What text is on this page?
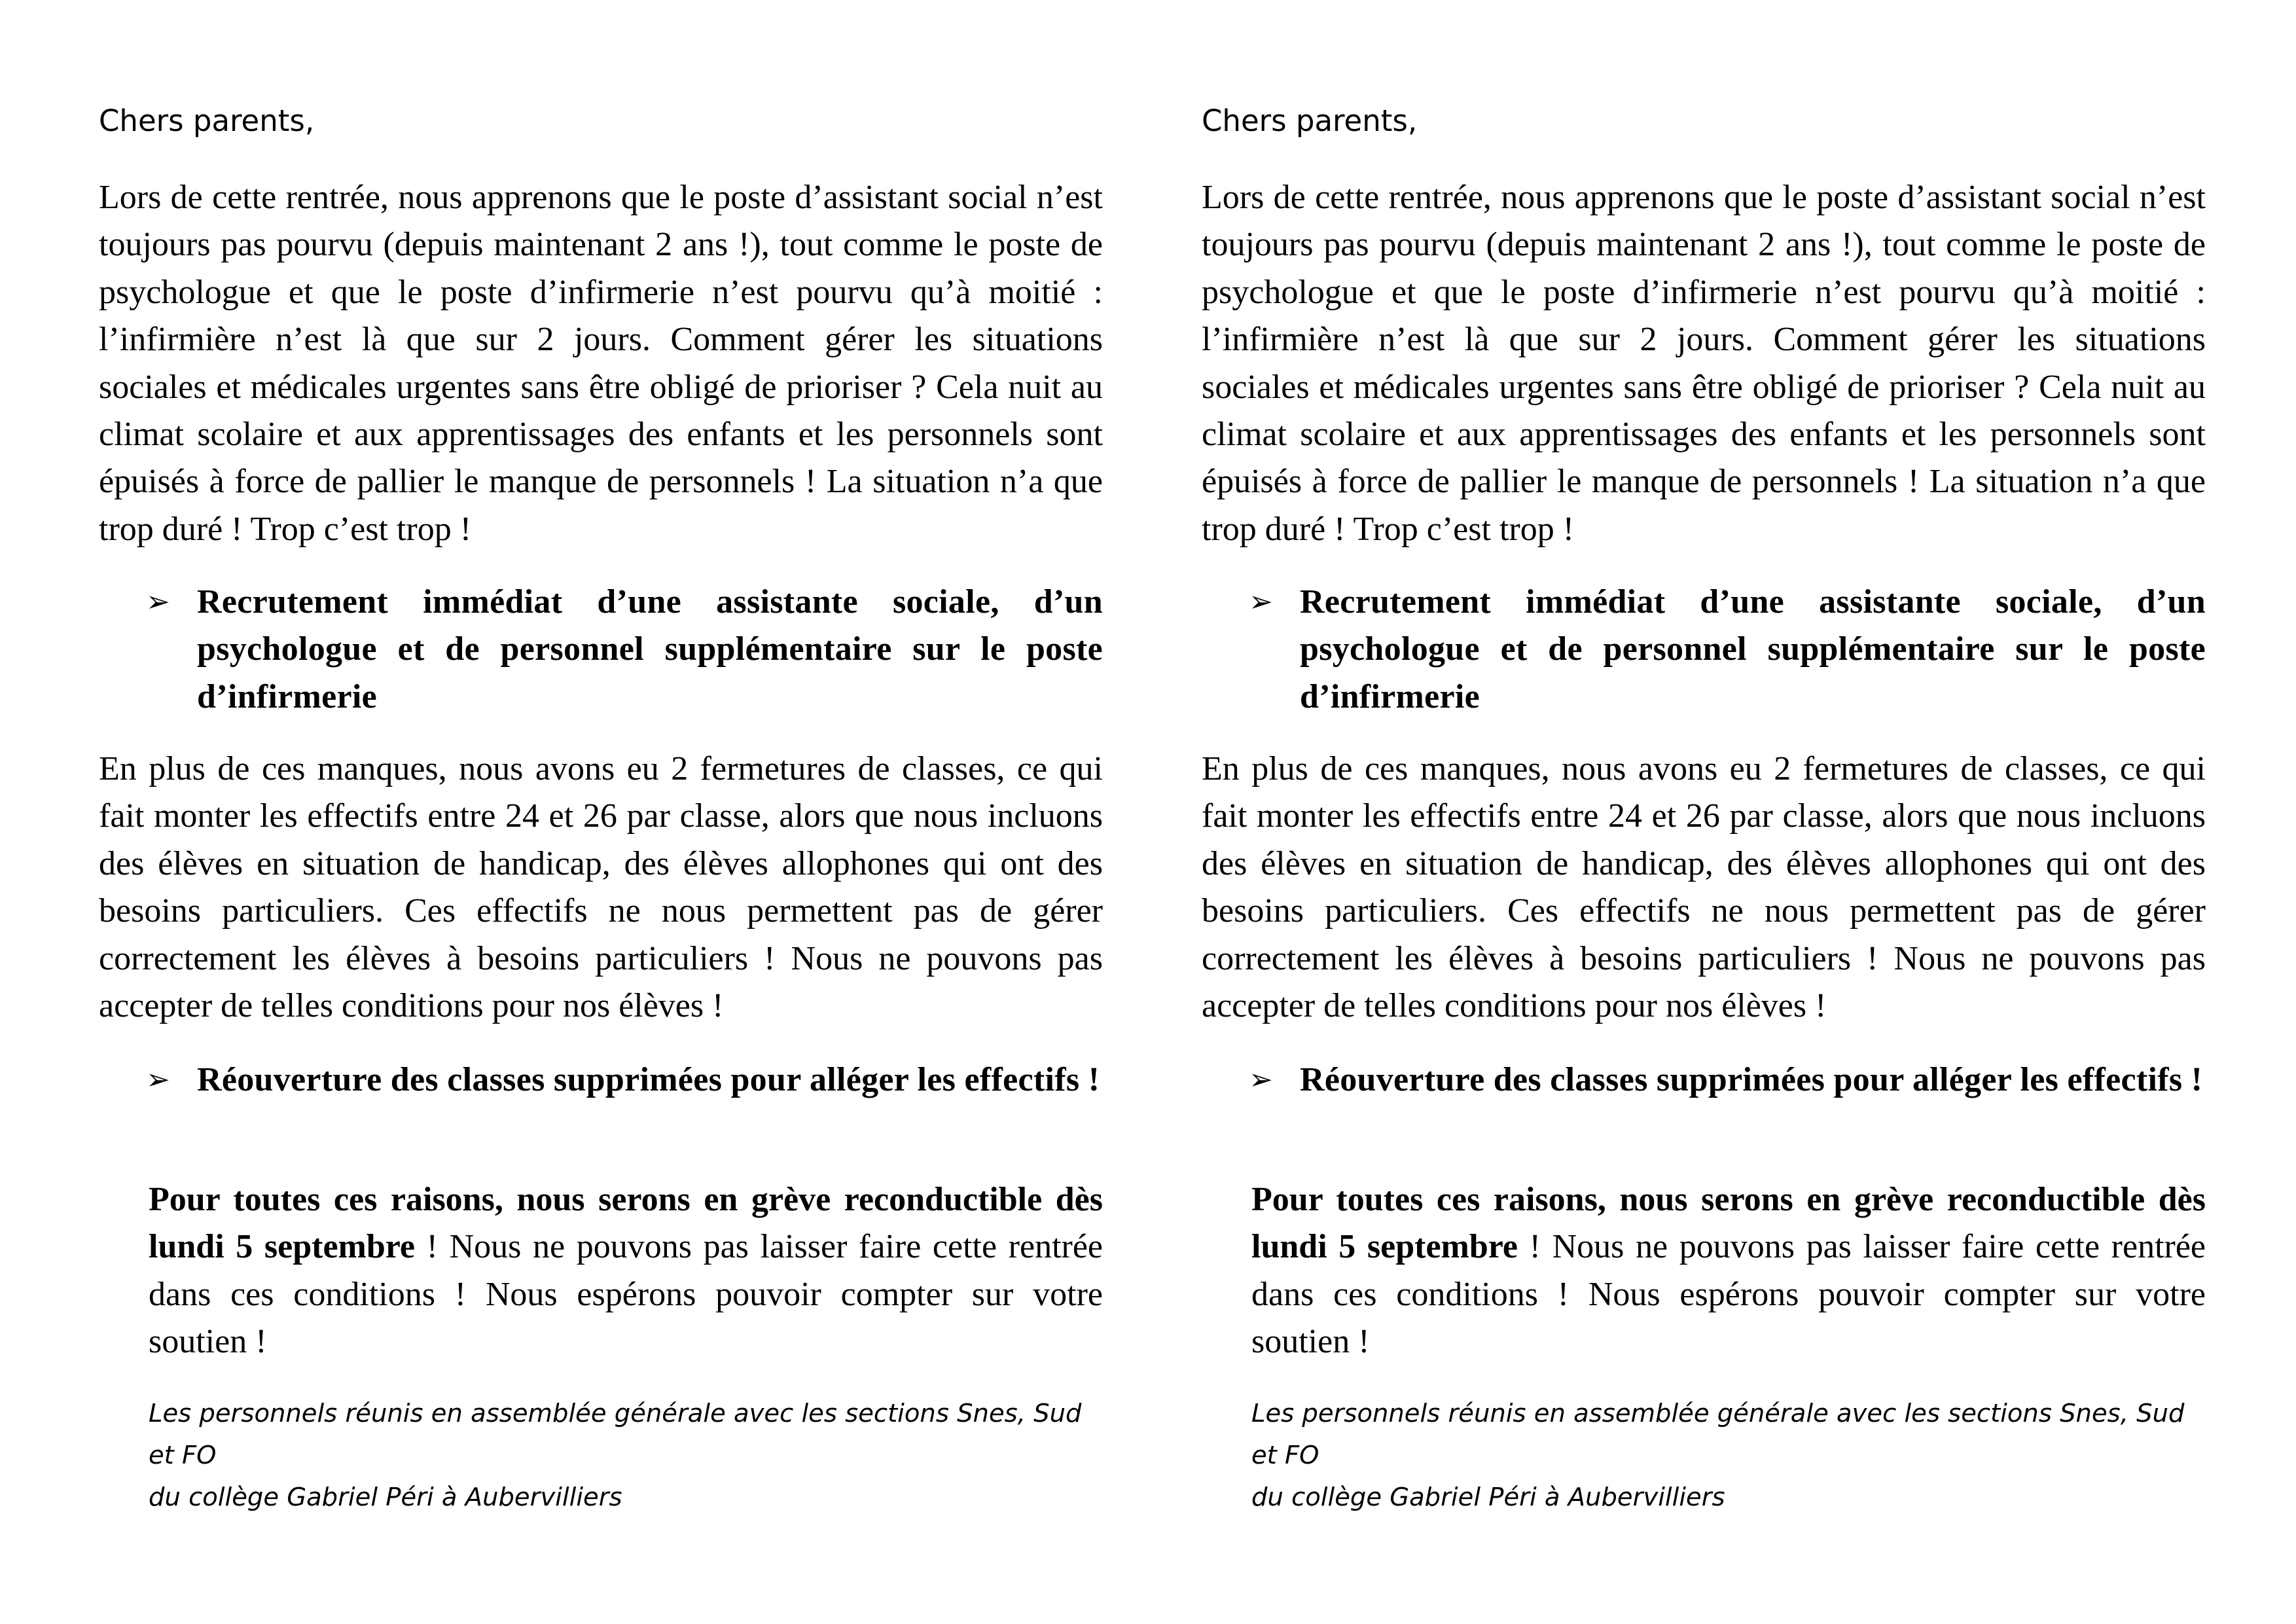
Chers parents,

Lors de cette rentrée, nous apprenons que le poste d’assistant social n’est toujours pas pourvu (depuis maintenant 2 ans !), tout comme le poste de psychologue et que le poste d’infirmerie n’est pourvu qu’à moitié : l’infirmière n’est là que sur 2 jours. Comment gérer les situations sociales et médicales urgentes sans être obligé de prioriser ? Cela nuit au climat scolaire et aux apprentissages des enfants et les personnels sont épuisés à force de pallier le manque de personnels ! La situation n’a que trop duré ! Trop c’est trop !

➢ Recrutement immédiat d’une assistante sociale, d’un psychologue et de personnel supplémentaire sur le poste d’infirmerie

En plus de ces manques, nous avons eu 2 fermetures de classes, ce qui fait monter les effectifs entre 24 et 26 par classe, alors que nous incluons des élèves en situation de handicap, des élèves allophones qui ont des besoins particuliers. Ces effectifs ne nous permettent pas de gérer correctement les élèves à besoins particuliers ! Nous ne pouvons pas accepter de telles conditions pour nos élèves !

➢ Réouverture des classes supprimées pour alléger les effectifs !

Pour toutes ces raisons, nous serons en grève reconductible dès lundi 5 septembre ! Nous ne pouvons pas laisser faire cette rentrée dans ces conditions ! Nous espérons pouvoir compter sur votre soutien !

Les personnels réunis en assemblée générale avec les sections Snes, Sud et FO
du collège Gabriel Péri à Aubervilliers

Chers parents,

Lors de cette rentrée, nous apprenons que le poste d’assistant social n’est toujours pas pourvu (depuis maintenant 2 ans !), tout comme le poste de psychologue et que le poste d’infirmerie n’est pourvu qu’à moitié : l’infirmière n’est là que sur 2 jours. Comment gérer les situations sociales et médicales urgentes sans être obligé de prioriser ? Cela nuit au climat scolaire et aux apprentissages des enfants et les personnels sont épuisés à force de pallier le manque de personnels ! La situation n’a que trop duré ! Trop c’est trop !

➢ Recrutement immédiat d’une assistante sociale, d’un psychologue et de personnel supplémentaire sur le poste d’infirmerie

En plus de ces manques, nous avons eu 2 fermetures de classes, ce qui fait monter les effectifs entre 24 et 26 par classe, alors que nous incluons des élèves en situation de handicap, des élèves allophones qui ont des besoins particuliers. Ces effectifs ne nous permettent pas de gérer correctement les élèves à besoins particuliers ! Nous ne pouvons pas accepter de telles conditions pour nos élèves !

➢ Réouverture des classes supprimées pour alléger les effectifs !

Pour toutes ces raisons, nous serons en grève reconductible dès lundi 5 septembre ! Nous ne pouvons pas laisser faire cette rentrée dans ces conditions ! Nous espérons pouvoir compter sur votre soutien !

Les personnels réunis en assemblée générale avec les sections Snes, Sud et FO
du collège Gabriel Péri à Aubervilliers
